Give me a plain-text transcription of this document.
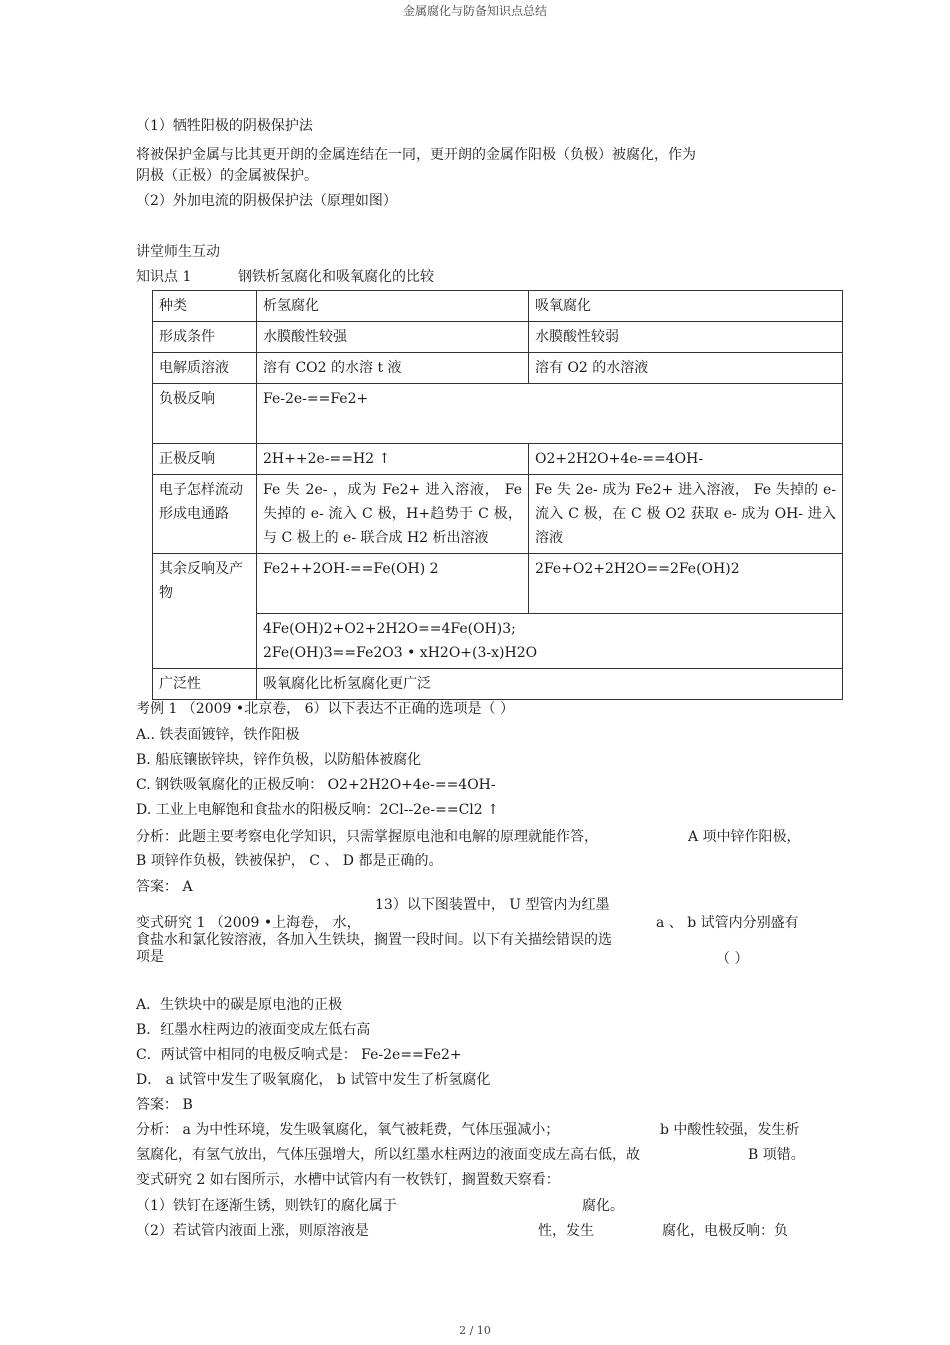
金属腐化与防备知识点总结
（1）牺牲阳极的阴极保护法
将被保护金属与比其更开朗的金属连结在一同，更开朗的金属作阳极（负极）被腐化，作为
阴极（正极）的金属被保护。
（2）外加电流的阴极保护法（原理如图）
讲堂师生互动
知识点 1	钢铁析氢腐化和吸氧腐化的比较
种类	析氢腐化	吸氧腐化
形成条件	水膜酸性较强	水膜酸性较弱
电解质溶液	溶有 CO2 的水溶 t 液	溶有 O2 的水溶液
负极反响	Fe-2e-==Fe2+	
正极反响	2H++2e-==H2 ↑	O2+2H2O+4e-==4OH-
电子怎样流动形成电通路	Fe 失 2e- ，成为 Fe2+ 进入溶液， Fe 失掉的 e- 流入 C 极，H+趋势于 C 极，与 C 极上的 e- 联合成 H2 析出溶液	Fe 失 2e- 成为 Fe2+ 进入溶液， Fe 失掉的 e- 流入 C 极，在 C 极 O2 获取 e- 成为 OH- 进入溶液
其余反响及产物	Fe2++2OH-==Fe(OH) 2	2Fe+O2+2H2O==2Fe(OH)2

	4Fe(OH)2+O2+2H2O==4Fe(OH)3;
2Fe(OH)3==Fe2O3 • xH2O+(3-x)H2O	

广泛性	吸氧腐化比析氢腐化更广泛	
考例 1 （2009 •北京卷， 6）以下表达不正确的选项是（ ）
A.. 铁表面镀锌，铁作阳极
B. 船底镶嵌锌块，锌作负极，以防船体被腐化
C. 钢铁吸氧腐化的正极反响： O2+2H2O+4e-==4OH-
D. 工业上电解饱和食盐水的阳极反响：2Cl--2e-==Cl2 ↑
分析：此题主要考察电化学知识，只需掌握原电池和电解的原理就能作答，	A 项中锌作阳极，
B 项锌作负极，铁被保护， C 、 D 都是正确的。
答案： A
13）以下图装置中， U 型管内为红墨
变式研究 1 （2009 •上海卷， 水，	a 、 b 试管内分别盛有
食盐水和氯化铵溶液，各加入生铁块，搁置一段时间。以下有关描绘错误的选
项是	（ ）
A．生铁块中的碳是原电池的正极
B．红墨水柱两边的液面变成左低右高
C．两试管中相同的电极反响式是： Fe-2e==Fe2+
D． a 试管中发生了吸氧腐化， b 试管中发生了析氢腐化
答案： B
分析： a 为中性环境，发生吸氧腐化，氧气被耗费，气体压强减小；	b 中酸性较强，发生析
氢腐化，有氢气放出，气体压强增大，所以红墨水柱两边的液面变成左高右低，故	B 项错。
变式研究 2 如右图所示，水槽中试管内有一枚铁钉，搁置数天察看：
（1）铁钉在逐渐生锈，则铁钉的腐化属于	腐化。
（2）若试管内液面上涨，则原溶液是	性，发生	腐化，电极反响：负
2 / 10
